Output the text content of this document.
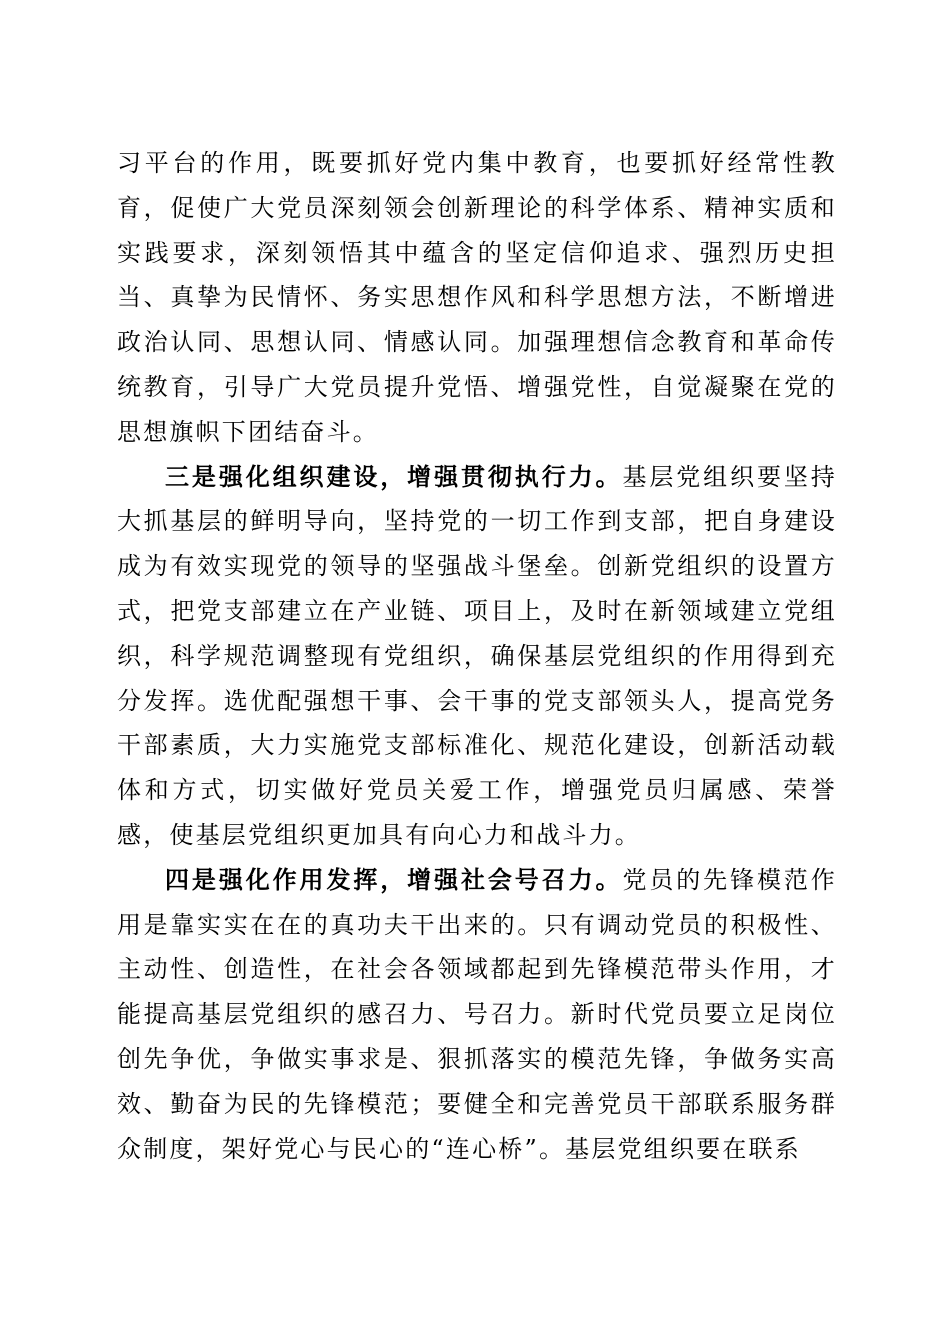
习平台的作用，既要抓好党内集中教育，也要抓好经常性教育，促使广大党员深刻领会创新理论的科学体系、精神实质和实践要求，深刻领悟其中蕴含的坚定信仰追求、强烈历史担当、真挚为民情怀、务实思想作风和科学思想方法，不断增进政治认同、思想认同、情感认同。加强理想信念教育和革命传统教育，引导广大党员提升党悟、增强党性，自觉凝聚在党的思想旗帜下团结奋斗。

三是强化组织建设，增强贯彻执行力。基层党组织要坚持大抓基层的鲜明导向，坚持党的一切工作到支部，把自身建设成为有效实现党的领导的坚强战斗堡垒。创新党组织的设置方式，把党支部建立在产业链、项目上，及时在新领域建立党组织，科学规范调整现有党组织，确保基层党组织的作用得到充分发挥。选优配强想干事、会干事的党支部领头人，提高党务干部素质，大力实施党支部标准化、规范化建设，创新活动载体和方式，切实做好党员关爱工作，增强党员归属感、荣誉感，使基层党组织更加具有向心力和战斗力。

四是强化作用发挥，增强社会号召力。党员的先锋模范作用是靠实实在在的真功夫干出来的。只有调动党员的积极性、主动性、创造性，在社会各领域都起到先锋模范带头作用，才能提高基层党组织的感召力、号召力。新时代党员要立足岗位创先争优，争做实事求是、狠抓落实的模范先锋，争做务实高效、勤奋为民的先锋模范；要健全和完善党员干部联系服务群众制度，架好党心与民心的“连心桥”。基层党组织要在联系
